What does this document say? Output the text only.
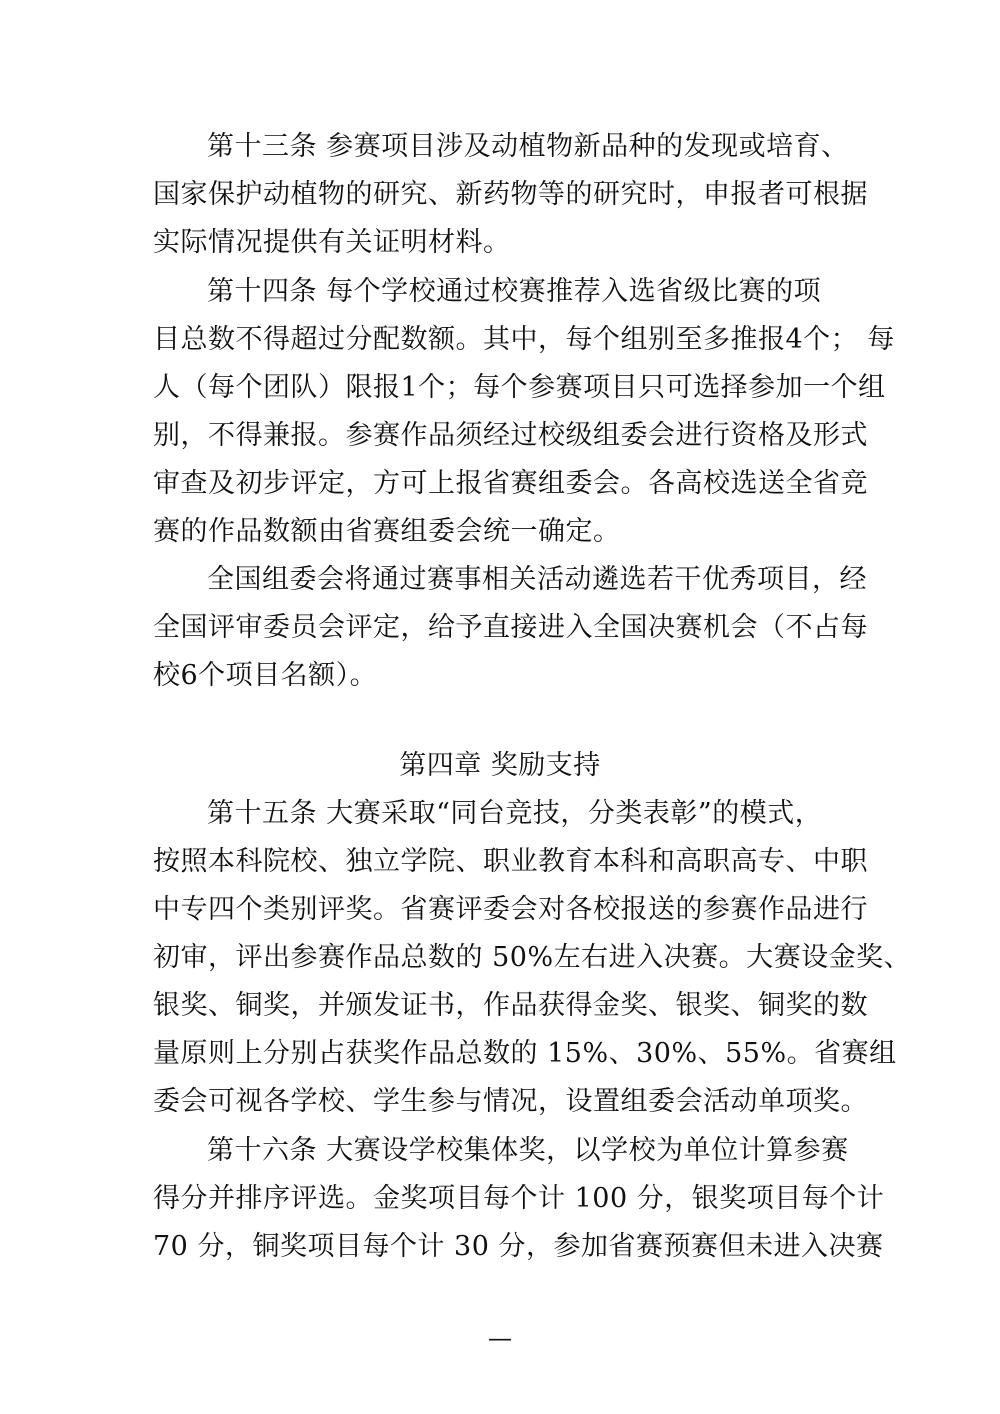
第十三条 参赛项目涉及动植物新品种的发现或培育、
国家保护动植物的研究、新药物等的研究时，申报者可根据
实际情况提供有关证明材料。
第十四条 每个学校通过校赛推荐入选省级比赛的项
目总数不得超过分配数额。其中，每个组别至多推报4个； 每
人（每个团队）限报1个；每个参赛项目只可选择参加一个组
别，不得兼报。参赛作品须经过校级组委会进行资格及形式
审查及初步评定，方可上报省赛组委会。各高校选送全省竞
赛的作品数额由省赛组委会统一确定。
全国组委会将通过赛事相关活动遴选若干优秀项目，经
全国评审委员会评定，给予直接进入全国决赛机会（不占每
校6个项目名额）。
第四章 奖励支持
第十五条 大赛采取“同台竞技，分类表彰”的模式，
按照本科院校、独立学院、职业教育本科和高职高专、中职
中专四个类别评奖。省赛评委会对各校报送的参赛作品进行
初审，评出参赛作品总数的 50%左右进入决赛。大赛设金奖、
银奖、铜奖，并颁发证书，作品获得金奖、银奖、铜奖的数
量原则上分别占获奖作品总数的 15%、30%、55%。省赛组
委会可视各学校、学生参与情况，设置组委会活动单项奖。
第十六条 大赛设学校集体奖，以学校为单位计算参赛
得分并排序评选。金奖项目每个计 100 分，银奖项目每个计
70 分，铜奖项目每个计 30 分，参加省赛预赛但未进入决赛
—
